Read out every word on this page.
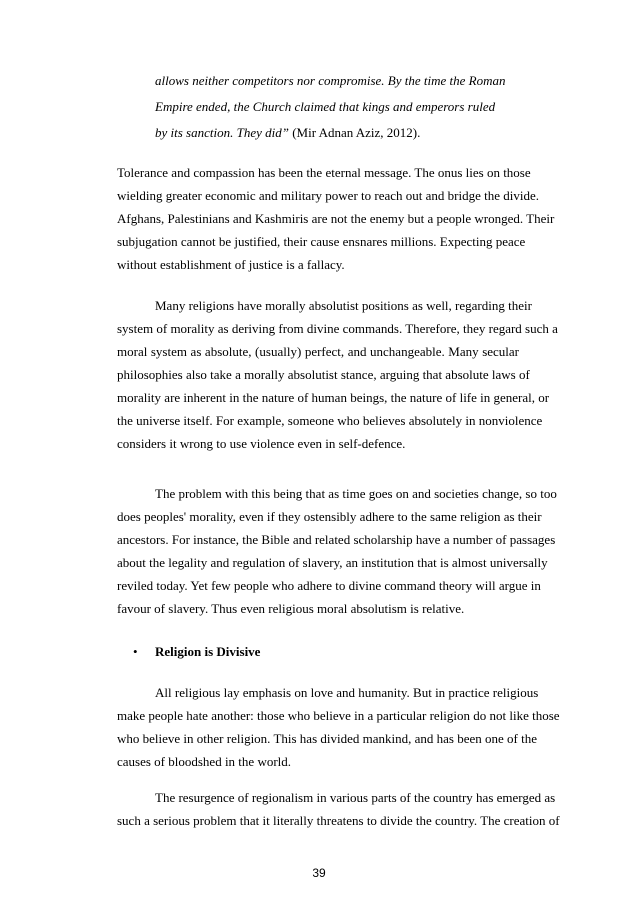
allows neither competitors nor compromise. By the time the Roman
Empire ended, the Church claimed that kings and emperors ruled
by its sanction. They did” (Mir Adnan Aziz, 2012).
Tolerance and compassion has been the eternal message. The onus lies on those
wielding greater economic and military power to reach out and bridge the divide.
Afghans, Palestinians and Kashmiris are not the enemy but a people wronged. Their
subjugation cannot be justified, their cause ensnares millions. Expecting peace
without establishment of justice is a fallacy.
Many religions have morally absolutist positions as well, regarding their
system of morality as deriving from divine commands. Therefore, they regard such a
moral system as absolute, (usually) perfect, and unchangeable. Many secular
philosophies also take a morally absolutist stance, arguing that absolute laws of
morality are inherent in the nature of human beings, the nature of life in general, or
the universe itself. For example, someone who believes absolutely in nonviolence
considers it wrong to use violence even in self-defence.
The problem with this being that as time goes on and societies change, so too
does peoples' morality, even if they ostensibly adhere to the same religion as their
ancestors. For instance, the Bible and related scholarship have a number of passages
about the legality and regulation of slavery, an institution that is almost universally
reviled today. Yet few people who adhere to divine command theory will argue in
favour of slavery. Thus even religious moral absolutism is relative.
• Religion is Divisive
All religious lay emphasis on love and humanity. But in practice religious
make people hate another: those who believe in a particular religion do not like those
who believe in other religion. This has divided mankind, and has been one of the
causes of bloodshed in the world.
The resurgence of regionalism in various parts of the country has emerged as
such a serious problem that it literally threatens to divide the country. The creation of
39
